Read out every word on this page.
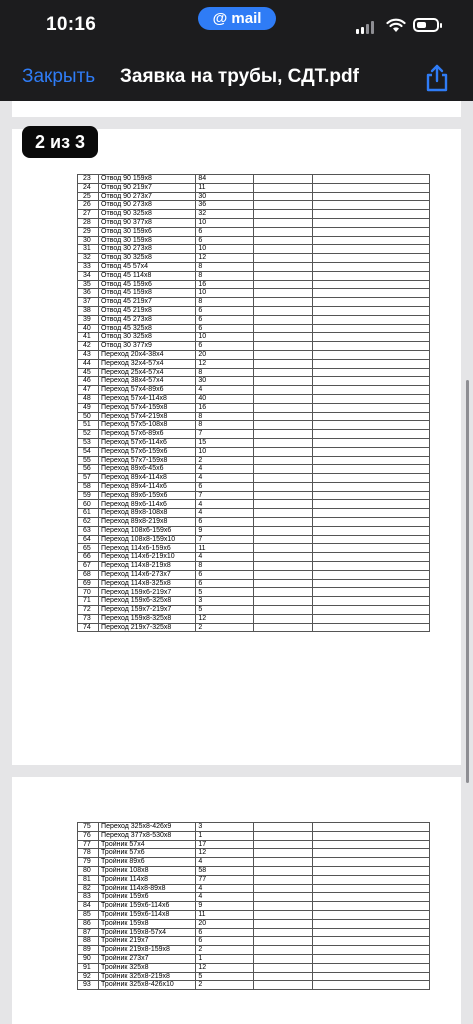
10:16	@ mail
Закрыть Заявка на трубы, СДТ.pdf
23	Отвод 90 159х8	84		
24	Отвод 90 219х7	11		
25	Отвод 90 273х7	30		
26	Отвод 90 273х8	36		
27	Отвод 90 325х8	32		
28	Отвод 90 377х8	10		
29	Отвод 30 159х6	6		
30	Отвод 30 159х8	6		
31	Отвод 30 273х8	10		
32	Отвод 30 325х8	12		
33	Отвод 45 57х4	8		
34	Отвод 45 114х8	8		
35	Отвод 45 159х6	16		
36	Отвод 45 159х8	10		
37	Отвод 45 219х7	8		
38	Отвод 45 219х8	6		
39	Отвод 45 273х8	6		
40	Отвод 45 325х8	6		
41	Отвод 30 325х8	10		
42	Отвод 30 377х9	6		
43	Переход 20х4-38х4	20		
44	Переход 32х4-57х4	12		
45	Переход 25х4-57х4	8		
46	Переход 38х4-57х4	30		
47	Переход 57х4-89х6	4		
48	Переход 57х4-114х8	40		
49	Переход 57х4-159х8	16		
50	Переход 57х4-219х8	8		
51	Переход 57х5-108х8	8		
52	Переход 57х6-89х6	7		
53	Переход 57х6-114х6	15		
54	Переход 57х6-159х6	10		
55	Переход 57х7-159х8	2		
56	Переход 89х6-45х6	4		
57	Переход 89х4-114х8	4		
58	Переход 89х4-114х6	6		
59	Переход 89х6-159х6	7		
60	Переход 89х6-114х6	4		
61	Переход 89х8-108х8	4		
62	Переход 89х8-219х8	6		
63	Переход 108х6-159х6	9		
64	Переход 108х8-159х10	7		
65	Переход 114х6-159х6	11		
66	Переход 114х6-219х10	4		
67	Переход 114х8-219х8	8		
68	Переход 114х6-273х7	6		
69	Переход 114х8-325х8	6		
70	Переход 159х6-219х7	5		
71	Переход 159х6-325х8	3		
72	Переход 159х7-219х7	5		
73	Переход 159х8-325х8	12		
74	Переход 219х7-325х8	2		
75	Переход 325х8-426х9	3		
76	Переход 377х8-530х8	1		
77	Тройник 57х4	17		
78	Тройник 57х6	12		
79	Тройник 89х6	4		
80	Тройник 108х8	58		
81	Тройник 114х8	77		
82	Тройник 114х8-89х8	4		
83	Тройник 159х6	4		
84	Тройник 159х6-114х6	9		
85	Тройник 159х6-114х8	11		
86	Тройник 159х8	20		
87	Тройник 159х8-57х4	6		
88	Тройник 219х7	6		
89	Тройник 219х8-159х8	2		
90	Тройник 273х7	1		
91	Тройник 325х8	12		
92	Тройник 325х8-219х8	5		
93	Тройник 325х8-426х10	2		
2 из 3
